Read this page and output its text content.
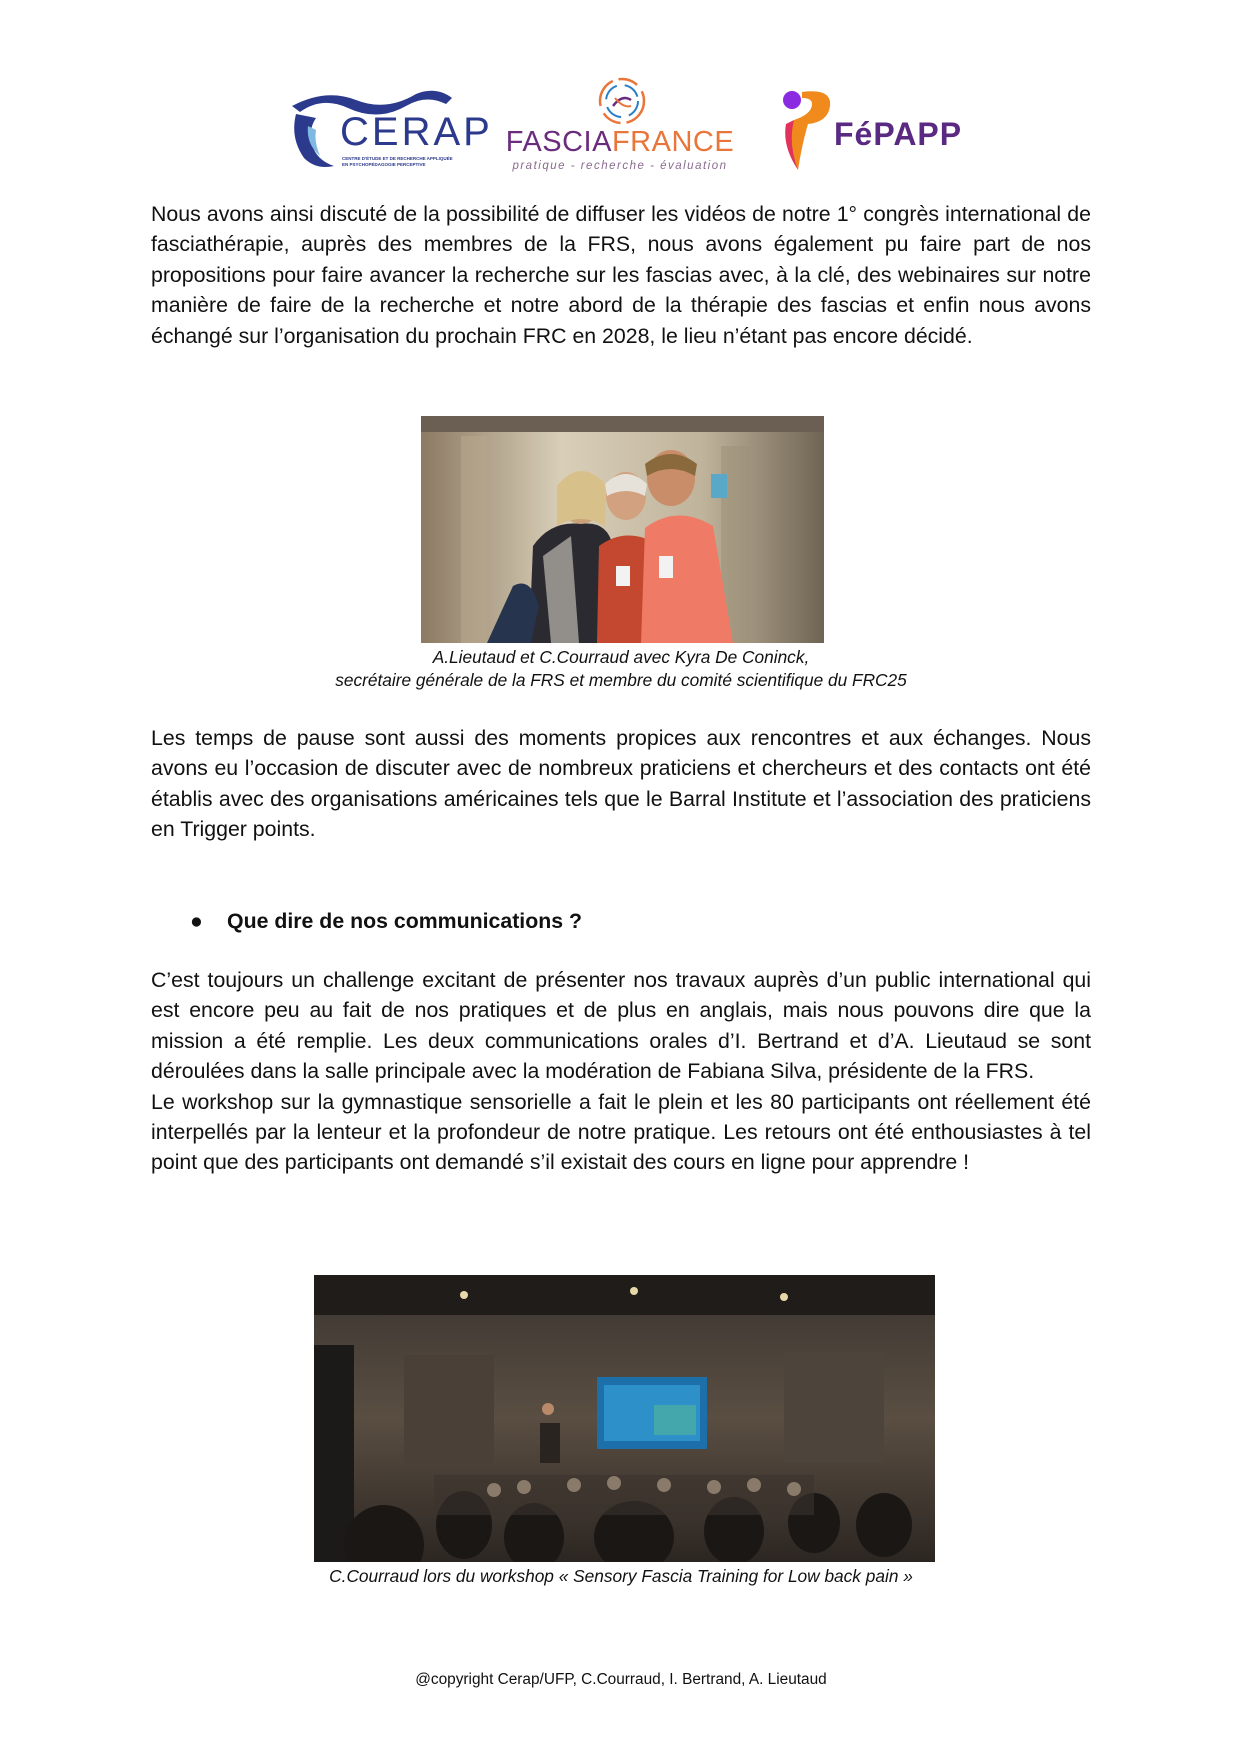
CERAP
CENTRE D'ÉTUDE ET DE RECHERCHE APPLIQUÉE EN PSYCHOPÉDAGOGIE PERCEPTIVE
FASCIAFRANCE
pratique - recherche - évaluation
FéPAPP

Nous avons ainsi discuté de la possibilité de diffuser les vidéos de notre 1° congrès international de fasciathérapie, auprès des membres de la FRS, nous avons également pu faire part de nos propositions pour faire avancer la recherche sur les fascias avec, à la clé, des webinaires sur notre manière de faire de la recherche et notre abord de la thérapie des fascias et enfin nous avons échangé sur l’organisation du prochain FRC en 2028, le lieu n’étant pas encore décidé.

A.Lieutaud et C.Courraud avec Kyra De Coninck,
secrétaire générale de la FRS et membre du comité scientifique du FRC25

Les temps de pause sont aussi des moments propices aux rencontres et aux échanges. Nous avons eu l’occasion de discuter avec de nombreux praticiens et chercheurs et des contacts ont été établis avec des organisations américaines tels que le Barral Institute et l’association des praticiens en Trigger points.

● Que dire de nos communications ?

C’est toujours un challenge excitant de présenter nos travaux auprès d’un public international qui est encore peu au fait de nos pratiques et de plus en anglais, mais nous pouvons dire que la mission a été remplie. Les deux communications orales d’I. Bertrand et d’A. Lieutaud se sont déroulées dans la salle principale avec la modération de Fabiana Silva, présidente de la FRS.

Le workshop sur la gymnastique sensorielle a fait le plein et les 80 participants ont réellement été interpellés par la lenteur et la profondeur de notre pratique. Les retours ont été enthousiastes à tel point que des participants ont demandé s’il existait des cours en ligne pour apprendre !

C.Courraud lors du workshop « Sensory Fascia Training for Low back pain »
@copyright Cerap/UFP, C.Courraud, I. Bertrand, A. Lieutaud
